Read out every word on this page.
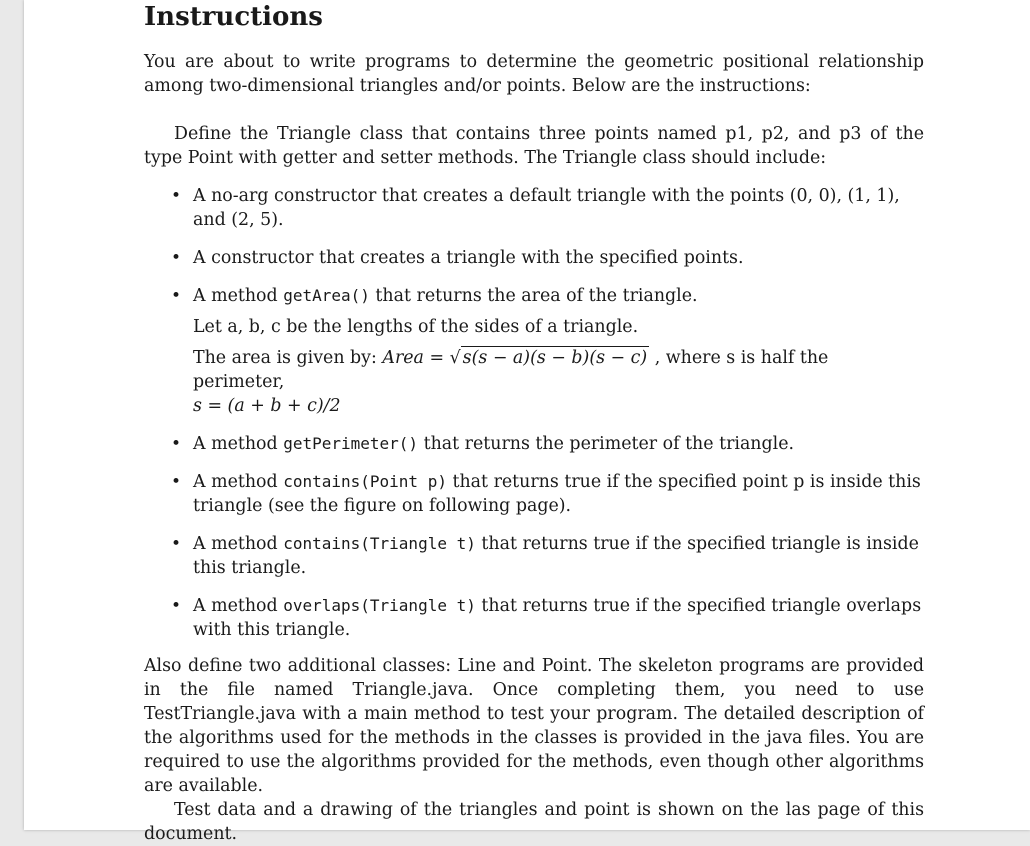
Instructions

You are about to write programs to determine the geometric positional relationship among two-dimensional triangles and/or points. Below are the instructions:

Define the Triangle class that contains three points named p1, p2, and p3 of the type Point with getter and setter methods. The Triangle class should include:

• A no-arg constructor that creates a default triangle with the points (0, 0), (1, 1), and (2, 5).
• A constructor that creates a triangle with the specified points.
• A method getArea() that returns the area of the triangle.
Let a, b, c be the lengths of the sides of a triangle.
The area is given by: Area = √ s(s − a)(s − b)(s − c) , where s is half the perimeter,
s = (a + b + c)/2
• A method getPerimeter() that returns the perimeter of the triangle.
• A method contains(Point p) that returns true if the specified point p is inside this triangle (see the figure on following page).
• A method contains(Triangle t) that returns true if the specified triangle is inside this triangle.
• A method overlaps(Triangle t) that returns true if the specified triangle overlaps with this triangle.

Also define two additional classes: Line and Point. The skeleton programs are provided in the file named Triangle.java. Once completing them, you need to use TestTriangle.java with a main method to test your program. The detailed description of the algorithms used for the methods in the classes is provided in the java files. You are required to use the algorithms provided for the methods, even though other algorithms are available.

Test data and a drawing of the triangles and point is shown on the las page of this document.
